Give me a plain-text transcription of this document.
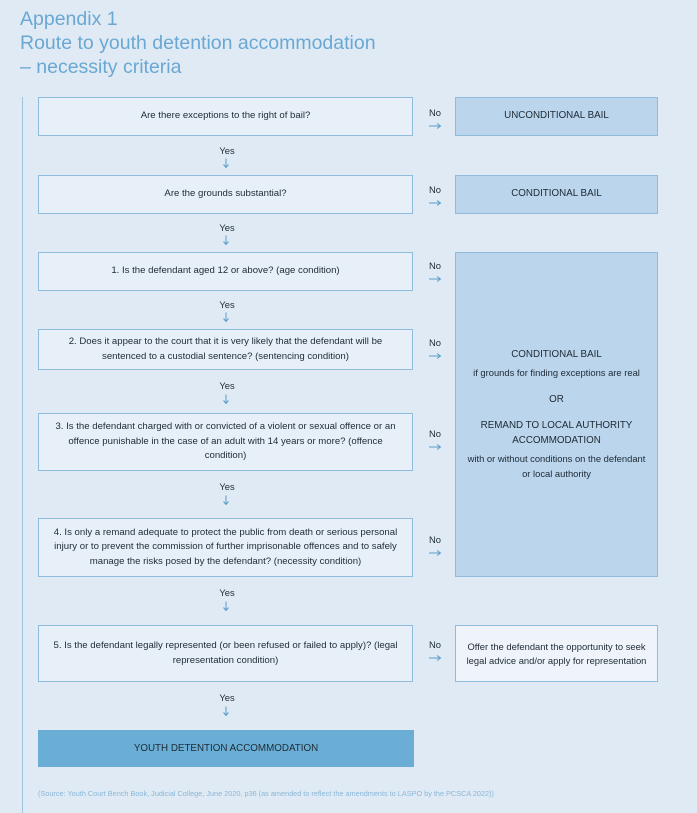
Appendix 1
Route to youth detention accommodation
– necessity criteria
Are there exceptions to the right of bail?
Are the grounds substantial?
1. Is the defendant aged 12 or above? (age condition)
2. Does it appear to the court that it is very likely that the defendant will be sentenced to a custodial sentence? (sentencing condition)
3. Is the defendant charged with or convicted of a violent or sexual offence or an offence punishable in the case of an adult with 14 years or more? (offence condition)
4. Is only a remand adequate to protect the public from death or serious personal injury or to prevent the commission of further imprisonable offences and to safely manage the risks posed by the defendant? (necessity condition)
5. Is the defendant legally represented (or been refused or failed to apply)? (legal representation condition)
UNCONDITIONAL BAIL
CONDITIONAL BAIL
CONDITIONAL BAIL
if grounds for finding exceptions are real
OR
REMAND TO LOCAL AUTHORITY ACCOMMODATION
with or without conditions on the defendant or local authority
Offer the defendant the opportunity to seek legal advice and/or apply for representation
No
No
No
No
No
No
No
Yes
Yes
Yes
Yes
Yes
Yes
Yes
YOUTH DETENTION ACCOMMODATION
(Source: Youth Court Bench Book, Judicial College, June 2020, p36 (as amended to reflect the amendments to LASPO by the PCSCA 2022))
